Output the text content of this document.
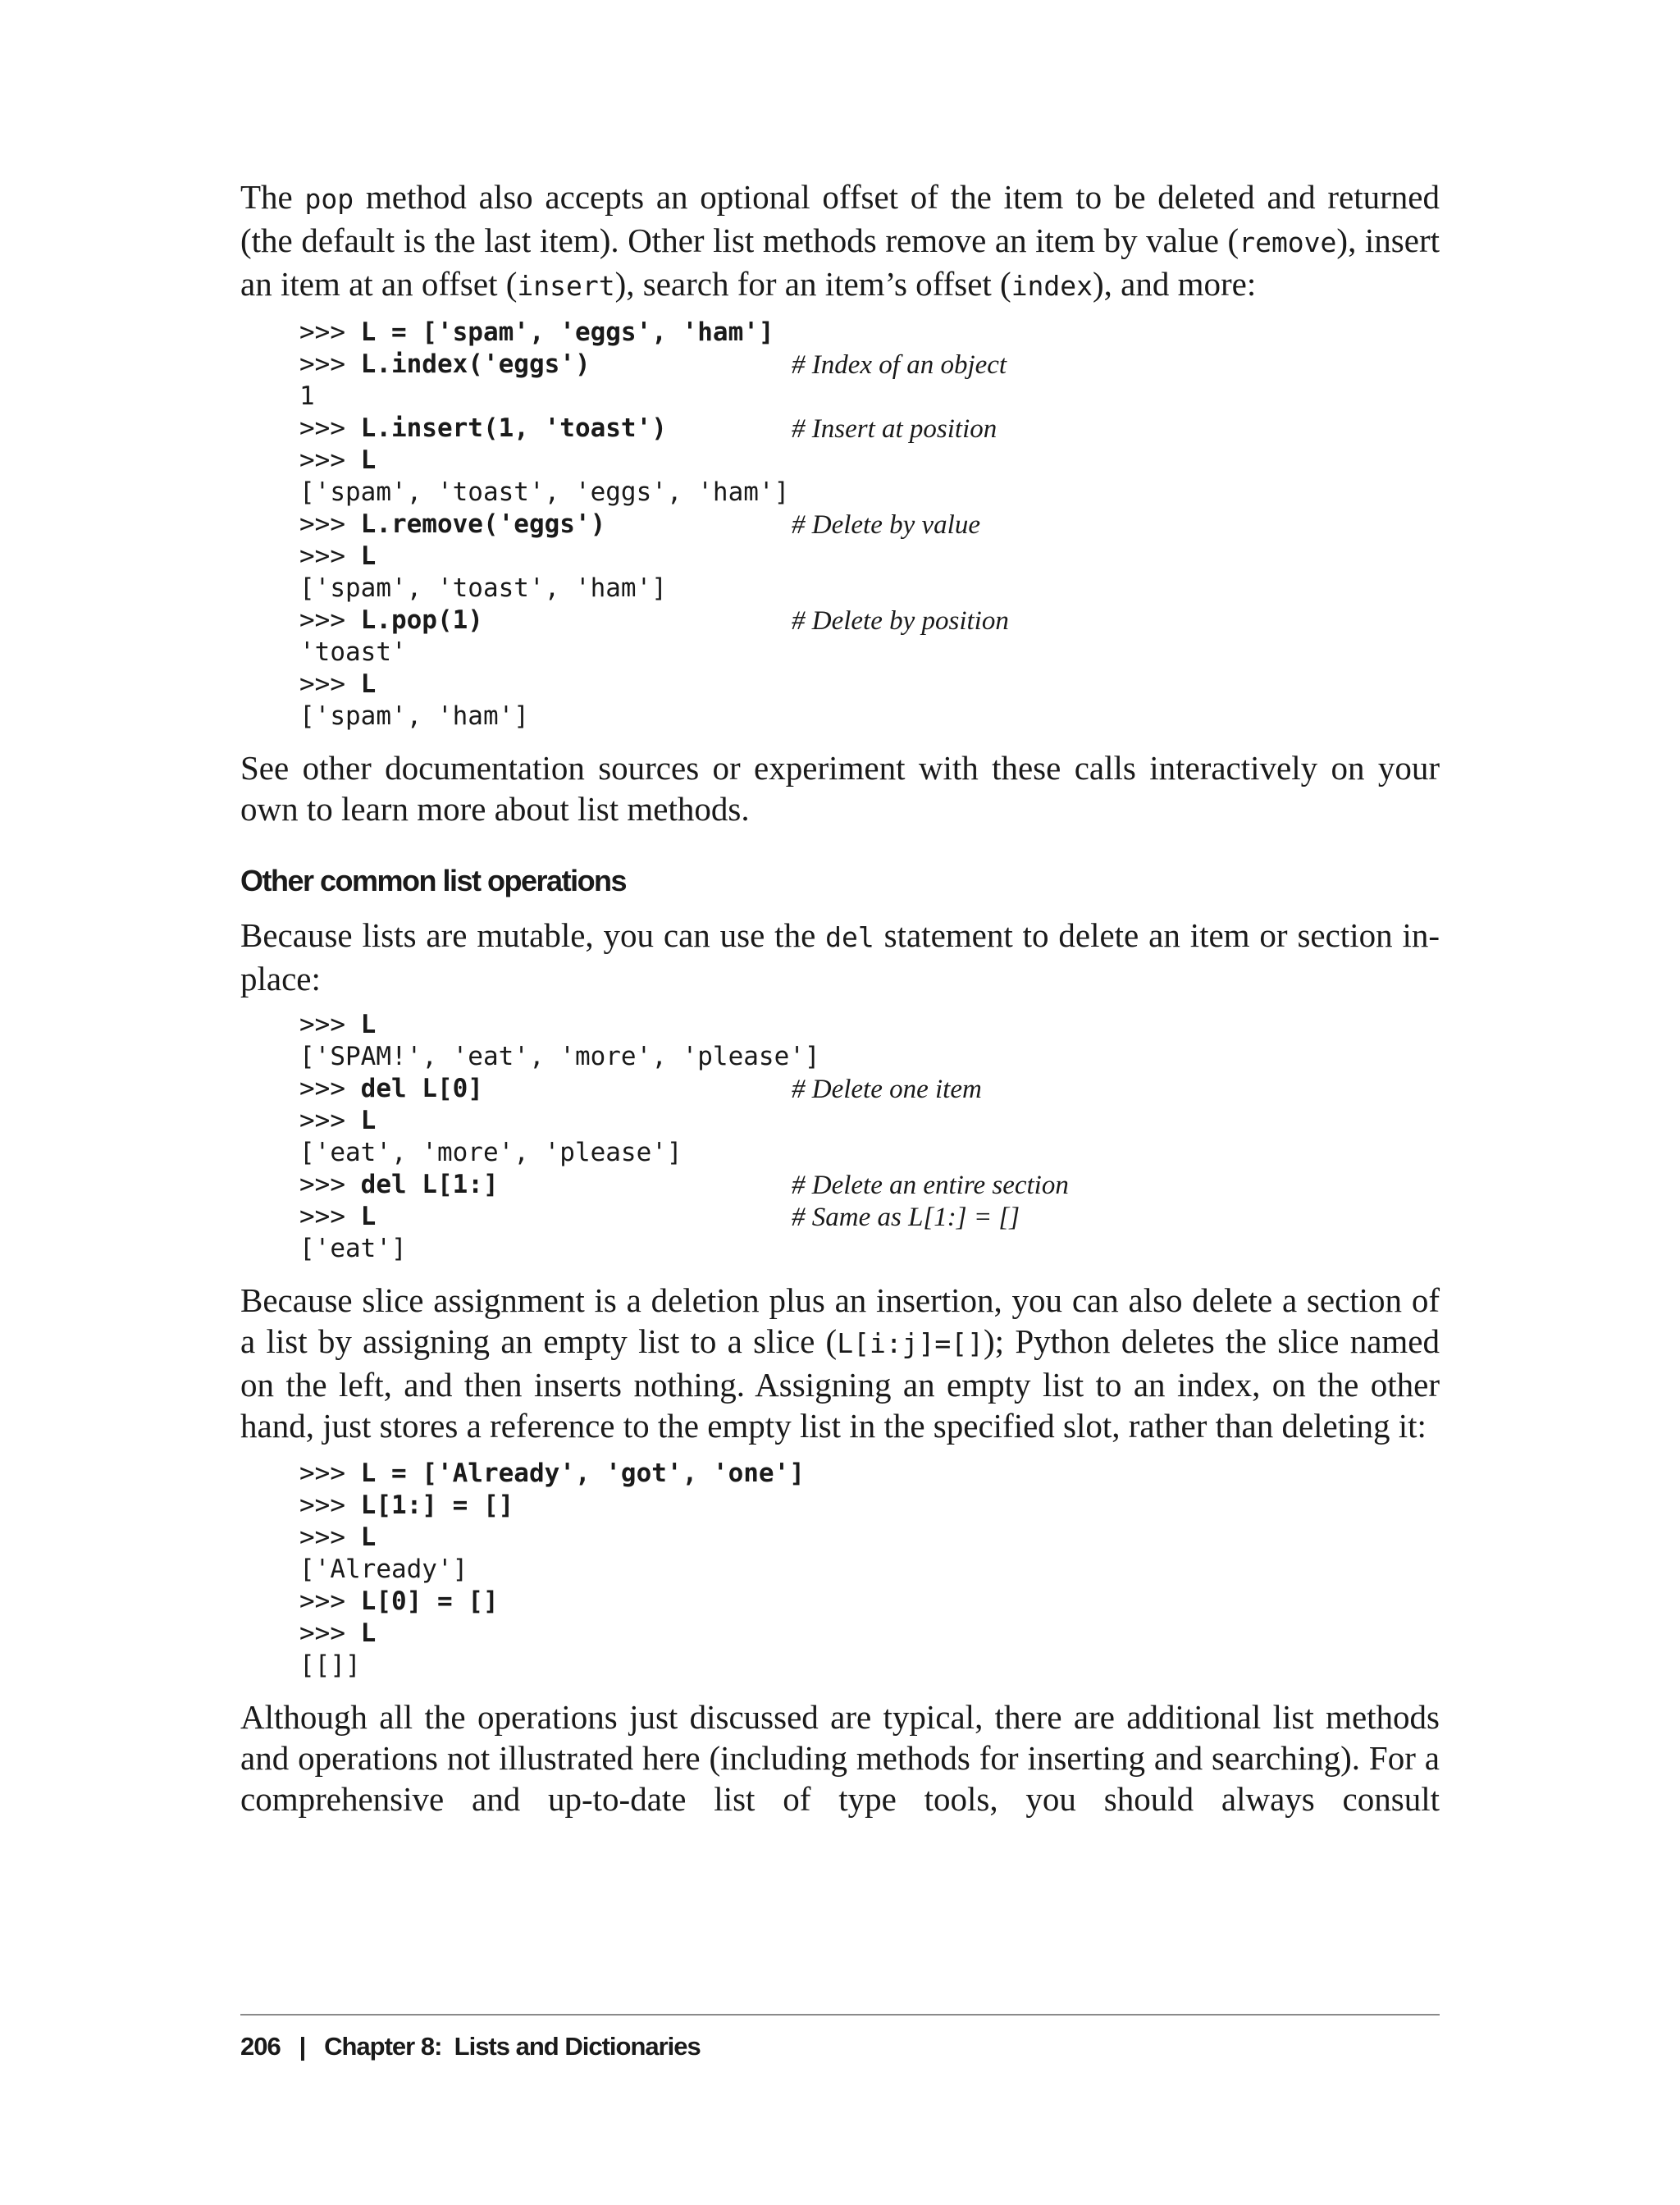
The pop method also accepts an optional offset of the item to be deleted and returned (the default is the last item). Other list methods remove an item by value (remove), insert an item at an offset (insert), search for an item’s offset (index), and more:

>>> L = ['spam', 'eggs', 'ham']
>>> L.index('eggs')	# Index of an object
1
>>> L.insert(1, 'toast')	# Insert at position
>>> L
['spam', 'toast', 'eggs', 'ham']
>>> L.remove('eggs')	# Delete by value
>>> L
['spam', 'toast', 'ham']
>>> L.pop(1)	# Delete by position
'toast'
>>> L
['spam', 'ham']

See other documentation sources or experiment with these calls interactively on your own to learn more about list methods.

Other common list operations

Because lists are mutable, you can use the del statement to delete an item or section in-place:

>>> L
['SPAM!', 'eat', 'more', 'please']
>>> del L[0]	# Delete one item
>>> L
['eat', 'more', 'please']
>>> del L[1:]	# Delete an entire section
>>> L	# Same as L[1:] = []
['eat']

Because slice assignment is a deletion plus an insertion, you can also delete a section of a list by assigning an empty list to a slice (L[i:j]=[]); Python deletes the slice named on the left, and then inserts nothing. Assigning an empty list to an index, on the other hand, just stores a reference to the empty list in the specified slot, rather than deleting it:

>>> L = ['Already', 'got', 'one']
>>> L[1:] = []
>>> L
['Already']
>>> L[0] = []
>>> L
[[]]

Although all the operations just discussed are typical, there are additional list methods and operations not illustrated here (including methods for inserting and searching). For a comprehensive and up-to-date list of type tools, you should always consult

206 | Chapter 8:  Lists and Dictionaries
